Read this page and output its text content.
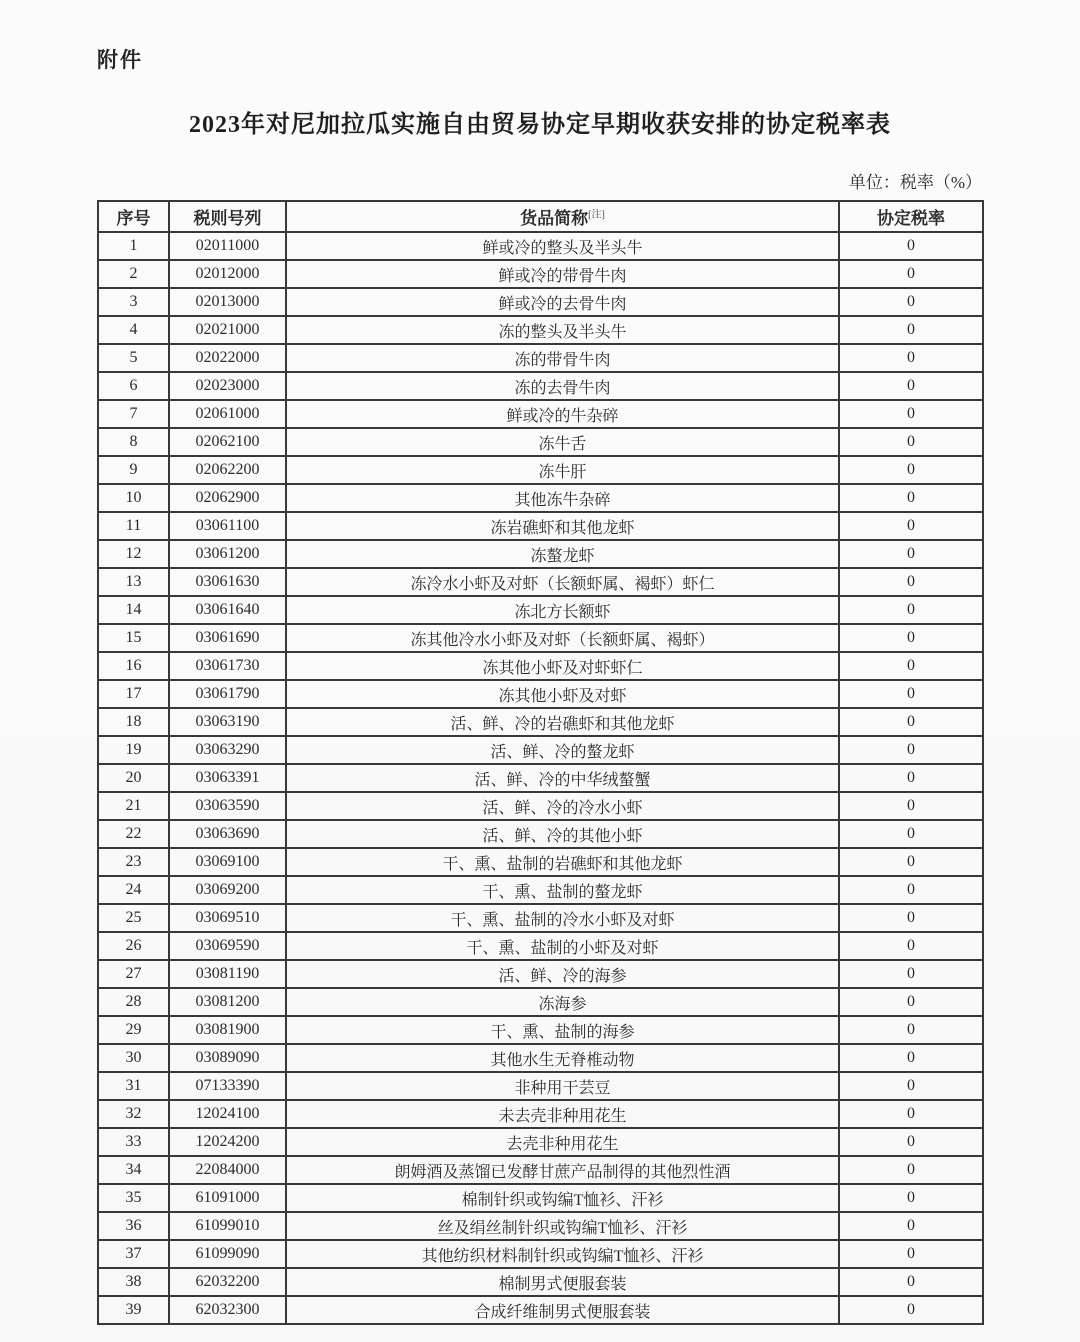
附件
2023年对尼加拉瓜实施自由贸易协定早期收获安排的协定税率表
单位：税率（%）
序号	税则号列	货品简称[注]	协定税率
1	02011000	鲜或冷的整头及半头牛	0
2	02012000	鲜或冷的带骨牛肉	0
3	02013000	鲜或冷的去骨牛肉	0
4	02021000	冻的整头及半头牛	0
5	02022000	冻的带骨牛肉	0
6	02023000	冻的去骨牛肉	0
7	02061000	鲜或冷的牛杂碎	0
8	02062100	冻牛舌	0
9	02062200	冻牛肝	0
10	02062900	其他冻牛杂碎	0
11	03061100	冻岩礁虾和其他龙虾	0
12	03061200	冻螯龙虾	0
13	03061630	冻冷水小虾及对虾（长额虾属、褐虾）虾仁	0
14	03061640	冻北方长额虾	0
15	03061690	冻其他冷水小虾及对虾（长额虾属、褐虾）	0
16	03061730	冻其他小虾及对虾虾仁	0
17	03061790	冻其他小虾及对虾	0
18	03063190	活、鲜、冷的岩礁虾和其他龙虾	0
19	03063290	活、鲜、冷的螯龙虾	0
20	03063391	活、鲜、冷的中华绒螯蟹	0
21	03063590	活、鲜、冷的冷水小虾	0
22	03063690	活、鲜、冷的其他小虾	0
23	03069100	干、熏、盐制的岩礁虾和其他龙虾	0
24	03069200	干、熏、盐制的螯龙虾	0
25	03069510	干、熏、盐制的冷水小虾及对虾	0
26	03069590	干、熏、盐制的小虾及对虾	0
27	03081190	活、鲜、冷的海参	0
28	03081200	冻海参	0
29	03081900	干、熏、盐制的海参	0
30	03089090	其他水生无脊椎动物	0
31	07133390	非种用干芸豆	0
32	12024100	未去壳非种用花生	0
33	12024200	去壳非种用花生	0
34	22084000	朗姆酒及蒸馏已发酵甘蔗产品制得的其他烈性酒	0
35	61091000	棉制针织或钩编T恤衫、汗衫	0
36	61099010	丝及绢丝制针织或钩编T恤衫、汗衫	0
37	61099090	其他纺织材料制针织或钩编T恤衫、汗衫	0
38	62032200	棉制男式便服套装	0
39	62032300	合成纤维制男式便服套装	0
